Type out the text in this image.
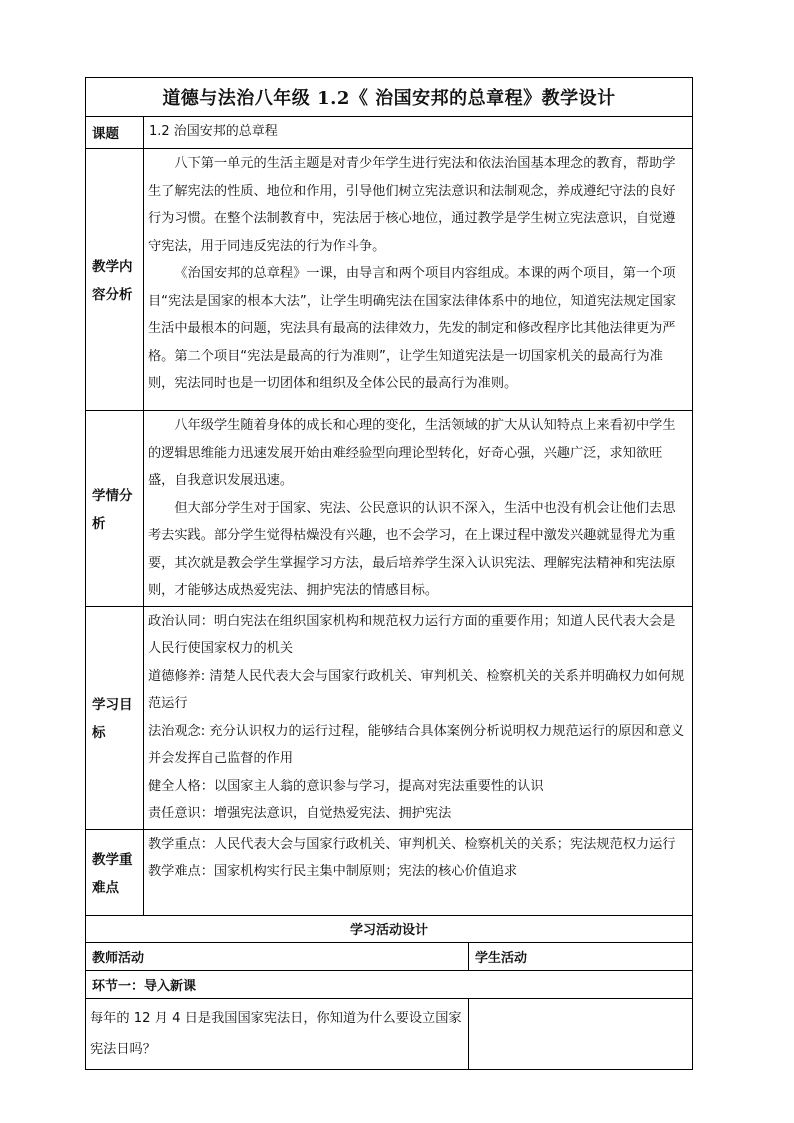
道德与法治八年级 1.2《 治国安邦的总章程》教学设计		
课题	1.2 治国安邦的总章程	
教学内容分析	八下第一单元的生活主题是对青少年学生进行宪法和依法治国基本理念的教育，帮助学生了解宪法的性质、地位和作用，引导他们树立宪法意识和法制观念，养成遵纪守法的良好行为习惯。在整个法制教育中，宪法居于核心地位，通过教学是学生树立宪法意识，自觉遵守宪法，用于同违反宪法的行为作斗争。

《治国安邦的总章程》一课，由导言和两个项目内容组成。本课的两个项目，第一个项目“宪法是国家的根本大法”，让学生明确宪法在国家法律体系中的地位，知道宪法规定国家生活中最根本的问题，宪法具有最高的法律效力，先发的制定和修改程序比其他法律更为严格。第二个项目“宪法是最高的行为准则”，让学生知道宪法是一切国家机关的最高行为准则，宪法同时也是一切团体和组织及全体公民的最高行为准则。	

学情分析	八年级学生随着身体的成长和心理的变化，生活领域的扩大从认知特点上来看初中学生的逻辑思维能力迅速发展开始由难经验型向理论型转化，好奇心强，兴趣广泛，求知欲旺盛，自我意识发展迅速。

但大部分学生对于国家、宪法、公民意识的认识不深入，生活中也没有机会让他们去思考去实践。部分学生觉得枯燥没有兴趣，也不会学习，在上课过程中激发兴趣就显得尤为重要，其次就是教会学生掌握学习方法，最后培养学生深入认识宪法、理解宪法精神和宪法原则，才能够达成热爱宪法、拥护宪法的情感目标。	

学习目标	政治认同：明白宪法在组织国家机构和规范权力运行方面的重要作用；知道人民代表大会是人民行使国家权力的机关

道德修养: 清楚人民代表大会与国家行政机关、审判机关、检察机关的关系并明确权力如何规范运行

法治观念: 充分认识权力的运行过程，能够结合具体案例分析说明权力规范运行的原因和意义并会发挥自己监督的作用

健全人格：以国家主人翁的意识参与学习，提高对宪法重要性的认识

责任意识：增强宪法意识，自觉热爱宪法、拥护宪法	

教学重难点	教学重点：人民代表大会与国家行政机关、审判机关、检察机关的关系；宪法规范权力运行

教学难点：国家机构实行民主集中制原则；宪法的核心价值追求	

学习活动设计		
教师活动		学生活动
环节一：导入新课		
每年的 12 月 4 日是我国国家宪法日，你知道为什么要设立国家宪法日吗？		
